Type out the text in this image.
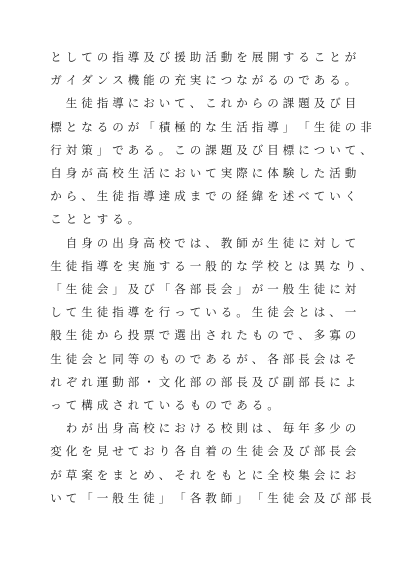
と し て の 指 導 及 び 援 助 活 動 を 展 開 す る こ と が
ガ イ ダ ン ス 機 能 の 充 実 に つ な が る の で あ る 。
生 徒 指 導 に お い て 、 こ れ か ら の 課 題 及 び 目
標 と な る の が 「 積 極 的 な 生 活 指 導 」 「 生 徒 の 非
行 対 策 」 で あ る 。 こ の 課 題 及 び 目 標 に つ い て 、
自 身 が 高 校 生 活 に お い て 実 際 に 体 験 し た 活 動
か ら 、 生 徒 指 導 達 成 ま で の 経 緯 を 述 べ て い く
こ と と す る 。
自 身 の 出 身 高 校 で は 、 教 師 が 生 徒 に 対 し て
生 徒 指 導 を 実 施 す る 一 般 的 な 学 校 と は 異 な り 、
「 生 徒 会 」 及 び 「 各 部 長 会 」 が 一 般 生 徒 に 対
し て 生 徒 指 導 を 行 っ て い る 。 生 徒 会 と は 、 一
般 生 徒 か ら 投 票 で 選 出 さ れ た も の で 、 多 寡 の
生 徒 会 と 同 等 の も の で あ る が 、 各 部 長 会 は そ
れ ぞ れ 運 動 部 ・ 文 化 部 の 部 長 及 び 副 部 長 に よ
っ て 構 成 さ れ て い る も の で あ る 。
わ が 出 身 高 校 に お け る 校 則 は 、 毎 年 多 少 の
変 化 を 見 せ て お り 各 自 着 の 生 徒 会 及 び 部 長 会
が 草 案 を ま と め 、 そ れ を も と に 全 校 集 会 に お
い て 「 一 般 生 徒 」 「 各 教 師 」 「 生 徒 会 及 び 部 長
